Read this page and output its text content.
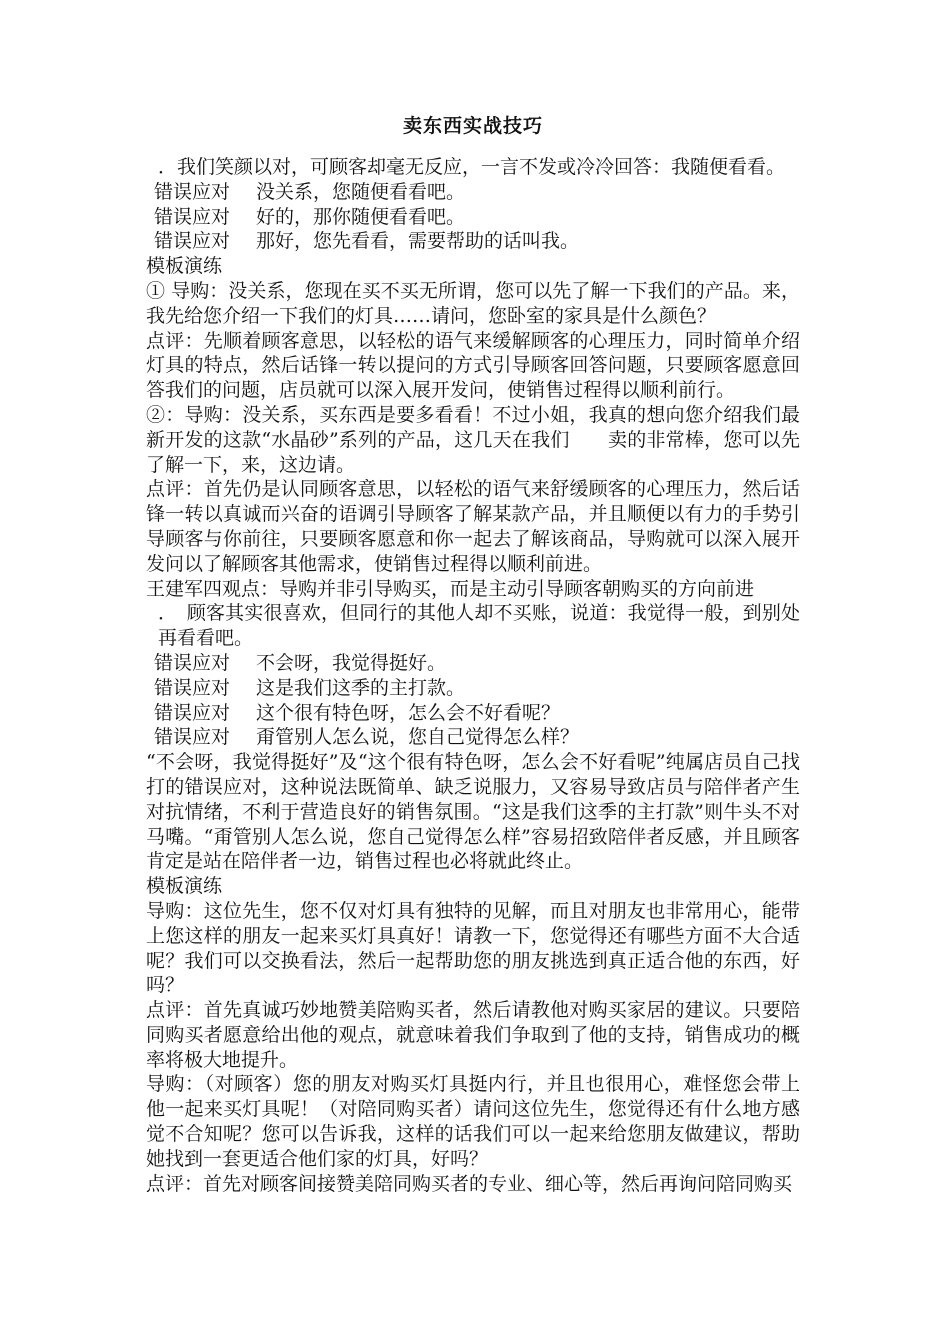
卖东西实战技巧

．我们笑颜以对，可顾客却毫无反应，一言不发或冷冷回答：我随便看看。

错误应对 没关系，您随便看看吧。

错误应对 好的，那你随便看看吧。

错误应对 那好，您先看看，需要帮助的话叫我。

模板演练

① 导购：没关系，您现在买不买无所谓，您可以先了解一下我们的产品。来，我先给您介绍一下我们的灯具……请问，您卧室的家具是什么颜色？

点评：先顺着顾客意思，以轻松的语气来缓解顾客的心理压力，同时简单介绍灯具的特点，然后话锋一转以提问的方式引导顾客回答问题，只要顾客愿意回答我们的问题，店员就可以深入展开发问，使销售过程得以顺利前行。

②：导购：没关系，买东西是要多看看！不过小姐，我真的想向您介绍我们最新开发的这款“水晶砂”系列的产品，这几天在我们　　卖的非常棒，您可以先了解一下，来，这边请。

点评：首先仍是认同顾客意思，以轻松的语气来舒缓顾客的心理压力，然后话锋一转以真诚而兴奋的语调引导顾客了解某款产品，并且顺便以有力的手势引导顾客与你前往，只要顾客愿意和你一起去了解该商品，导购就可以深入展开发问以了解顾客其他需求，使销售过程得以顺利前进。

王建军四观点：导购并非引导购买，而是主动引导顾客朝购买的方向前进

．　顾客其实很喜欢，但同行的其他人却不买账，说道：我觉得一般，到别处再看看吧。

错误应对 不会呀，我觉得挺好。

错误应对 这是我们这季的主打款。

错误应对 这个很有特色呀，怎么会不好看呢？

错误应对 甭管别人怎么说，您自己觉得怎么样？

“不会呀，我觉得挺好”及“这个很有特色呀，怎么会不好看呢”纯属店员自己找打的错误应对，这种说法既简单、缺乏说服力，又容易导致店员与陪伴者产生对抗情绪，不利于营造良好的销售氛围。“这是我们这季的主打款”则牛头不对马嘴。“甭管别人怎么说，您自己觉得怎么样”容易招致陪伴者反感，并且顾客肯定是站在陪伴者一边，销售过程也必将就此终止。

模板演练

导购：这位先生，您不仅对灯具有独特的见解，而且对朋友也非常用心，能带上您这样的朋友一起来买灯具真好！请教一下，您觉得还有哪些方面不大合适呢？我们可以交换看法，然后一起帮助您的朋友挑选到真正适合他的东西，好吗？

点评：首先真诚巧妙地赞美陪购买者，然后请教他对购买家居的建议。只要陪同购买者愿意给出他的观点，就意味着我们争取到了他的支持，销售成功的概率将极大地提升。

导购：（对顾客）您的朋友对购买灯具挺内行，并且也很用心，难怪您会带上他一起来买灯具呢！（对陪同购买者）请问这位先生，您觉得还有什么地方感觉不合知呢？您可以告诉我，这样的话我们可以一起来给您朋友做建议，帮助她找到一套更适合他们家的灯具，好吗？

点评：首先对顾客间接赞美陪同购买者的专业、细心等，然后再询问陪同购买
